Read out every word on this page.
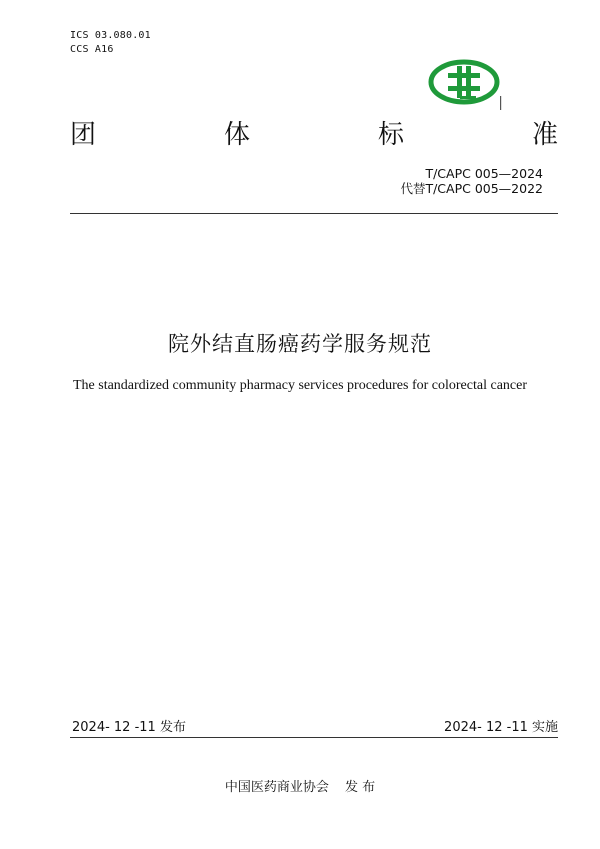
ICS 03.080.01
CCS A16
团	体	标	准
T/CAPC 005—2024
代替T/CAPC 005—2022
院外结直肠癌药学服务规范
The standardized community pharmacy services procedures for colorectal cancer
2024- 12 -11 发布	2024- 12 -11 实施
中国医药商业协会 发 布
